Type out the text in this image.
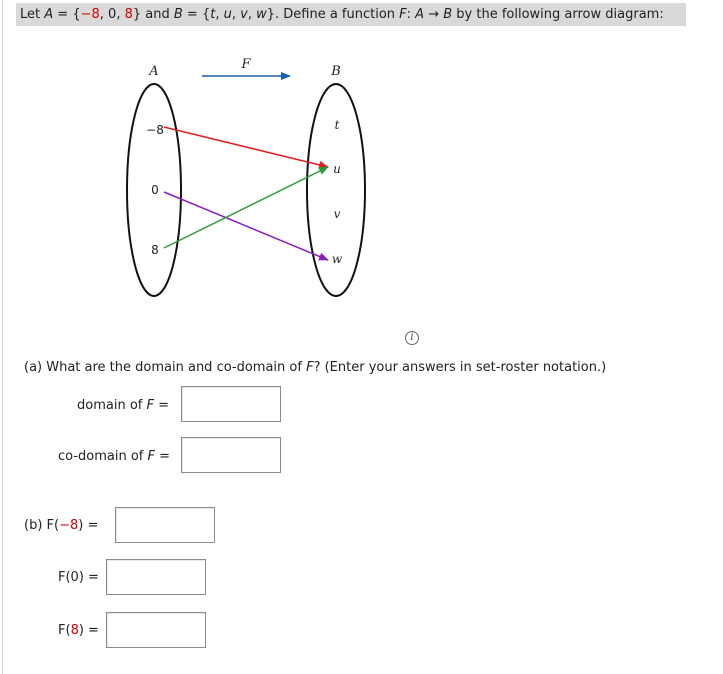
Let A = {−8, 0, 8} and B = {t, u, v, w}. Define a function F: A → B by the following arrow diagram:
A	B
F
−8
0
8
t
u
v
w
i
(a) What are the domain and co-domain of F? (Enter your answers in set-roster notation.)
domain of F =
co-domain of F =
(b) F(−8) =
F(0) =
F(8) =
